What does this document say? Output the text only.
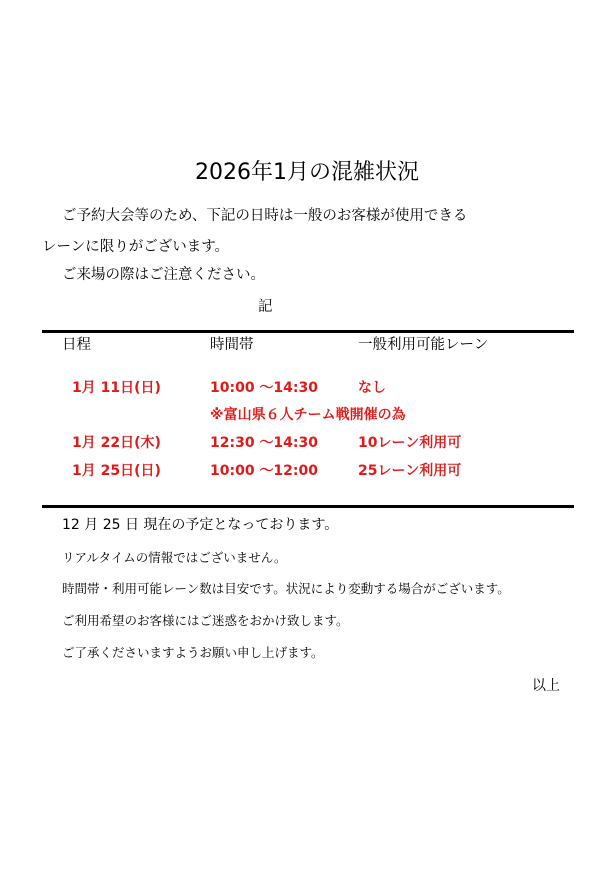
2026年1月の混雑状況
ご予約大会等のため、下記の日時は一般のお客様が使用できる
レーンに限りがございます。
ご来場の際はご注意ください。
記
日程	時間帯	一般利用可能レーン
1月 11日(日)	10:00 ～14:30	なし
※富山県６人チーム戦開催の為
1月 22日(木)	12:30 ～14:30	10レーン利用可
1月 25日(日)	10:00 ～12:00	25レーン利用可
12 月 25 日 現在の予定となっております。
リアルタイムの情報ではございません。
時間帯・利用可能レーン数は目安です。状況により変動する場合がございます。
ご利用希望のお客様にはご迷惑をおかけ致します。
ご了承くださいますようお願い申し上げます。
以上
